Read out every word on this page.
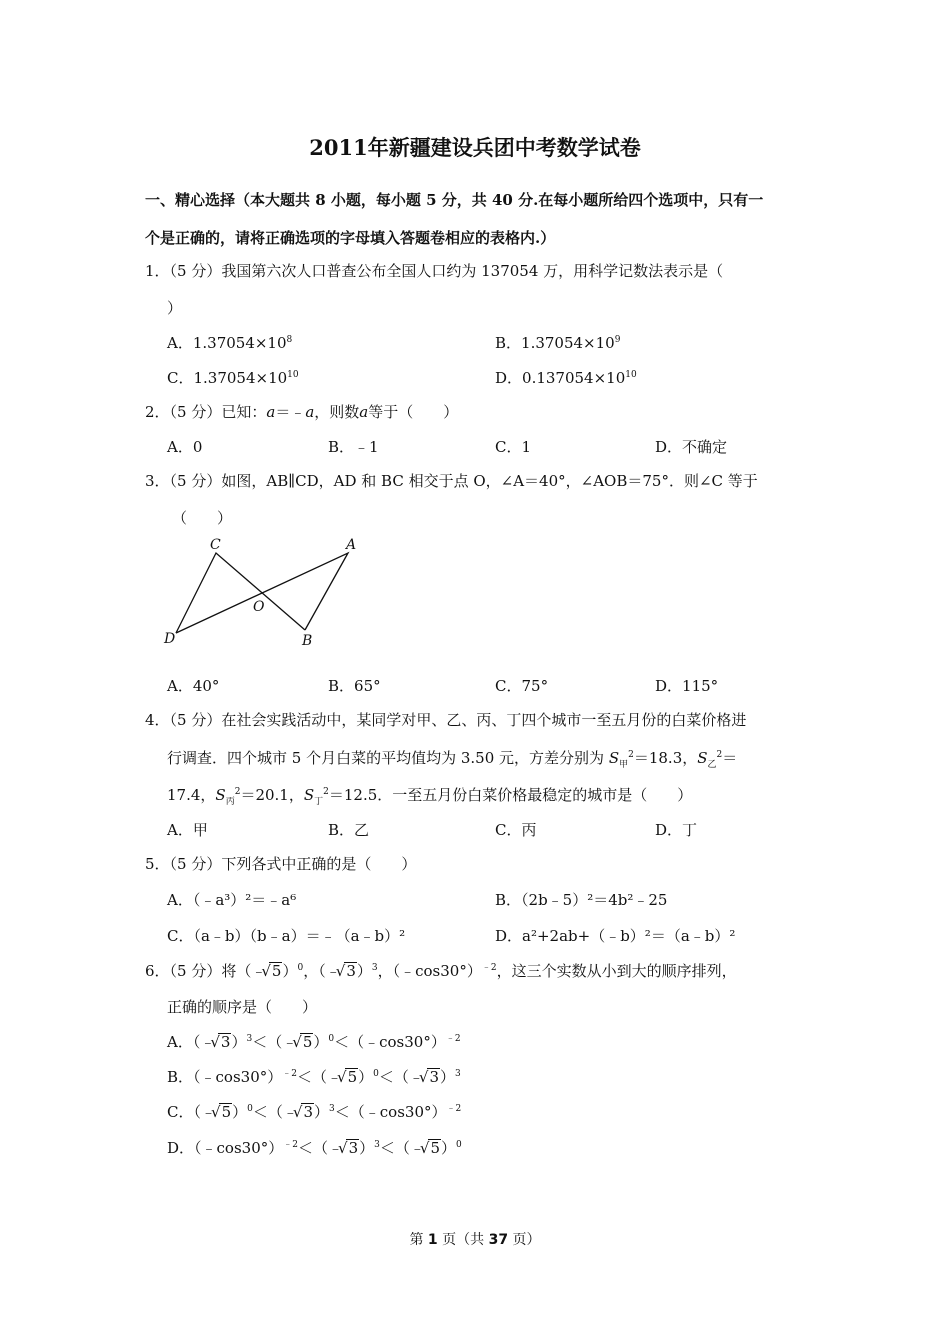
2011年新疆建设兵团中考数学试卷
一、精心选择（本大题共 8 小题，每小题 5 分，共 40 分.在每小题所给四个选项中，只有一
个是正确的，请将正确选项的字母填入答题卷相应的表格内.）
1．（5 分）我国第六次人口普查公布全国人口约为 137054 万，用科学记数法表示是（
）
A．$1.37054\times 10^8$	B．$1.37054\times 10^9$
C．$1.37054\times 10^{10}$	D．$0.137054\times 10^{10}$
2．（5 分）已知：a＝﹣a，则数a等于（　　）
A．0	B．﹣1	C．1	D．不确定
3．（5 分）如图，AB∥CD，AD 和 BC 相交于点 O，∠A＝40°，∠AOB＝75°．则∠C 等于
（　　）
C	A
O
D	B
A．40°	B．65°	C．75°	D．115°
4．（5 分）在社会实践活动中，某同学对甲、乙、丙、丁四个城市一至五月份的白菜价格进
行调查．四个城市 5 个月白菜的平均值均为 3.50 元，方差分别为 $S_甲^2=18.3$，$S_乙^2=$
17.4，$S_丙^2=20.1$，$S_丁^2=12.5$．一至五月份白菜价格最稳定的城市是（　　）
A．甲	B．乙	C．丙	D．丁
5．（5 分）下列各式中正确的是（　　）
A．（﹣a³）²＝﹣a⁶	B．（2b﹣5）²＝4b²﹣25
C．（a﹣b）（b﹣a）＝﹣（a﹣b）²	D．a²+2ab+（﹣b）²＝（a﹣b）²
6．（5 分）将（﹣   √ 5）$^0$，（﹣   √ 3）$^3$，（﹣cos30°）$^{﹣2}$，这三个实数从小到大的顺序排列，
正确的顺序是（　　）
A．（﹣   √ 3）$^3$＜（﹣   √ 5）$^0$＜（﹣cos30°）$^{﹣2}$
B．（﹣cos30°）$^{﹣2}$＜（﹣   √ 5）$^0$＜（﹣   √ 3）$^3$
C．（﹣   √ 5）$^0$＜（﹣   √ 3）$^3$＜（﹣cos30°）$^{﹣2}$
D．（﹣cos30°）$^{﹣2}$＜（﹣   √ 3）$^3$＜（﹣   √ 5）$^0$
第 1 页（共 37 页）
